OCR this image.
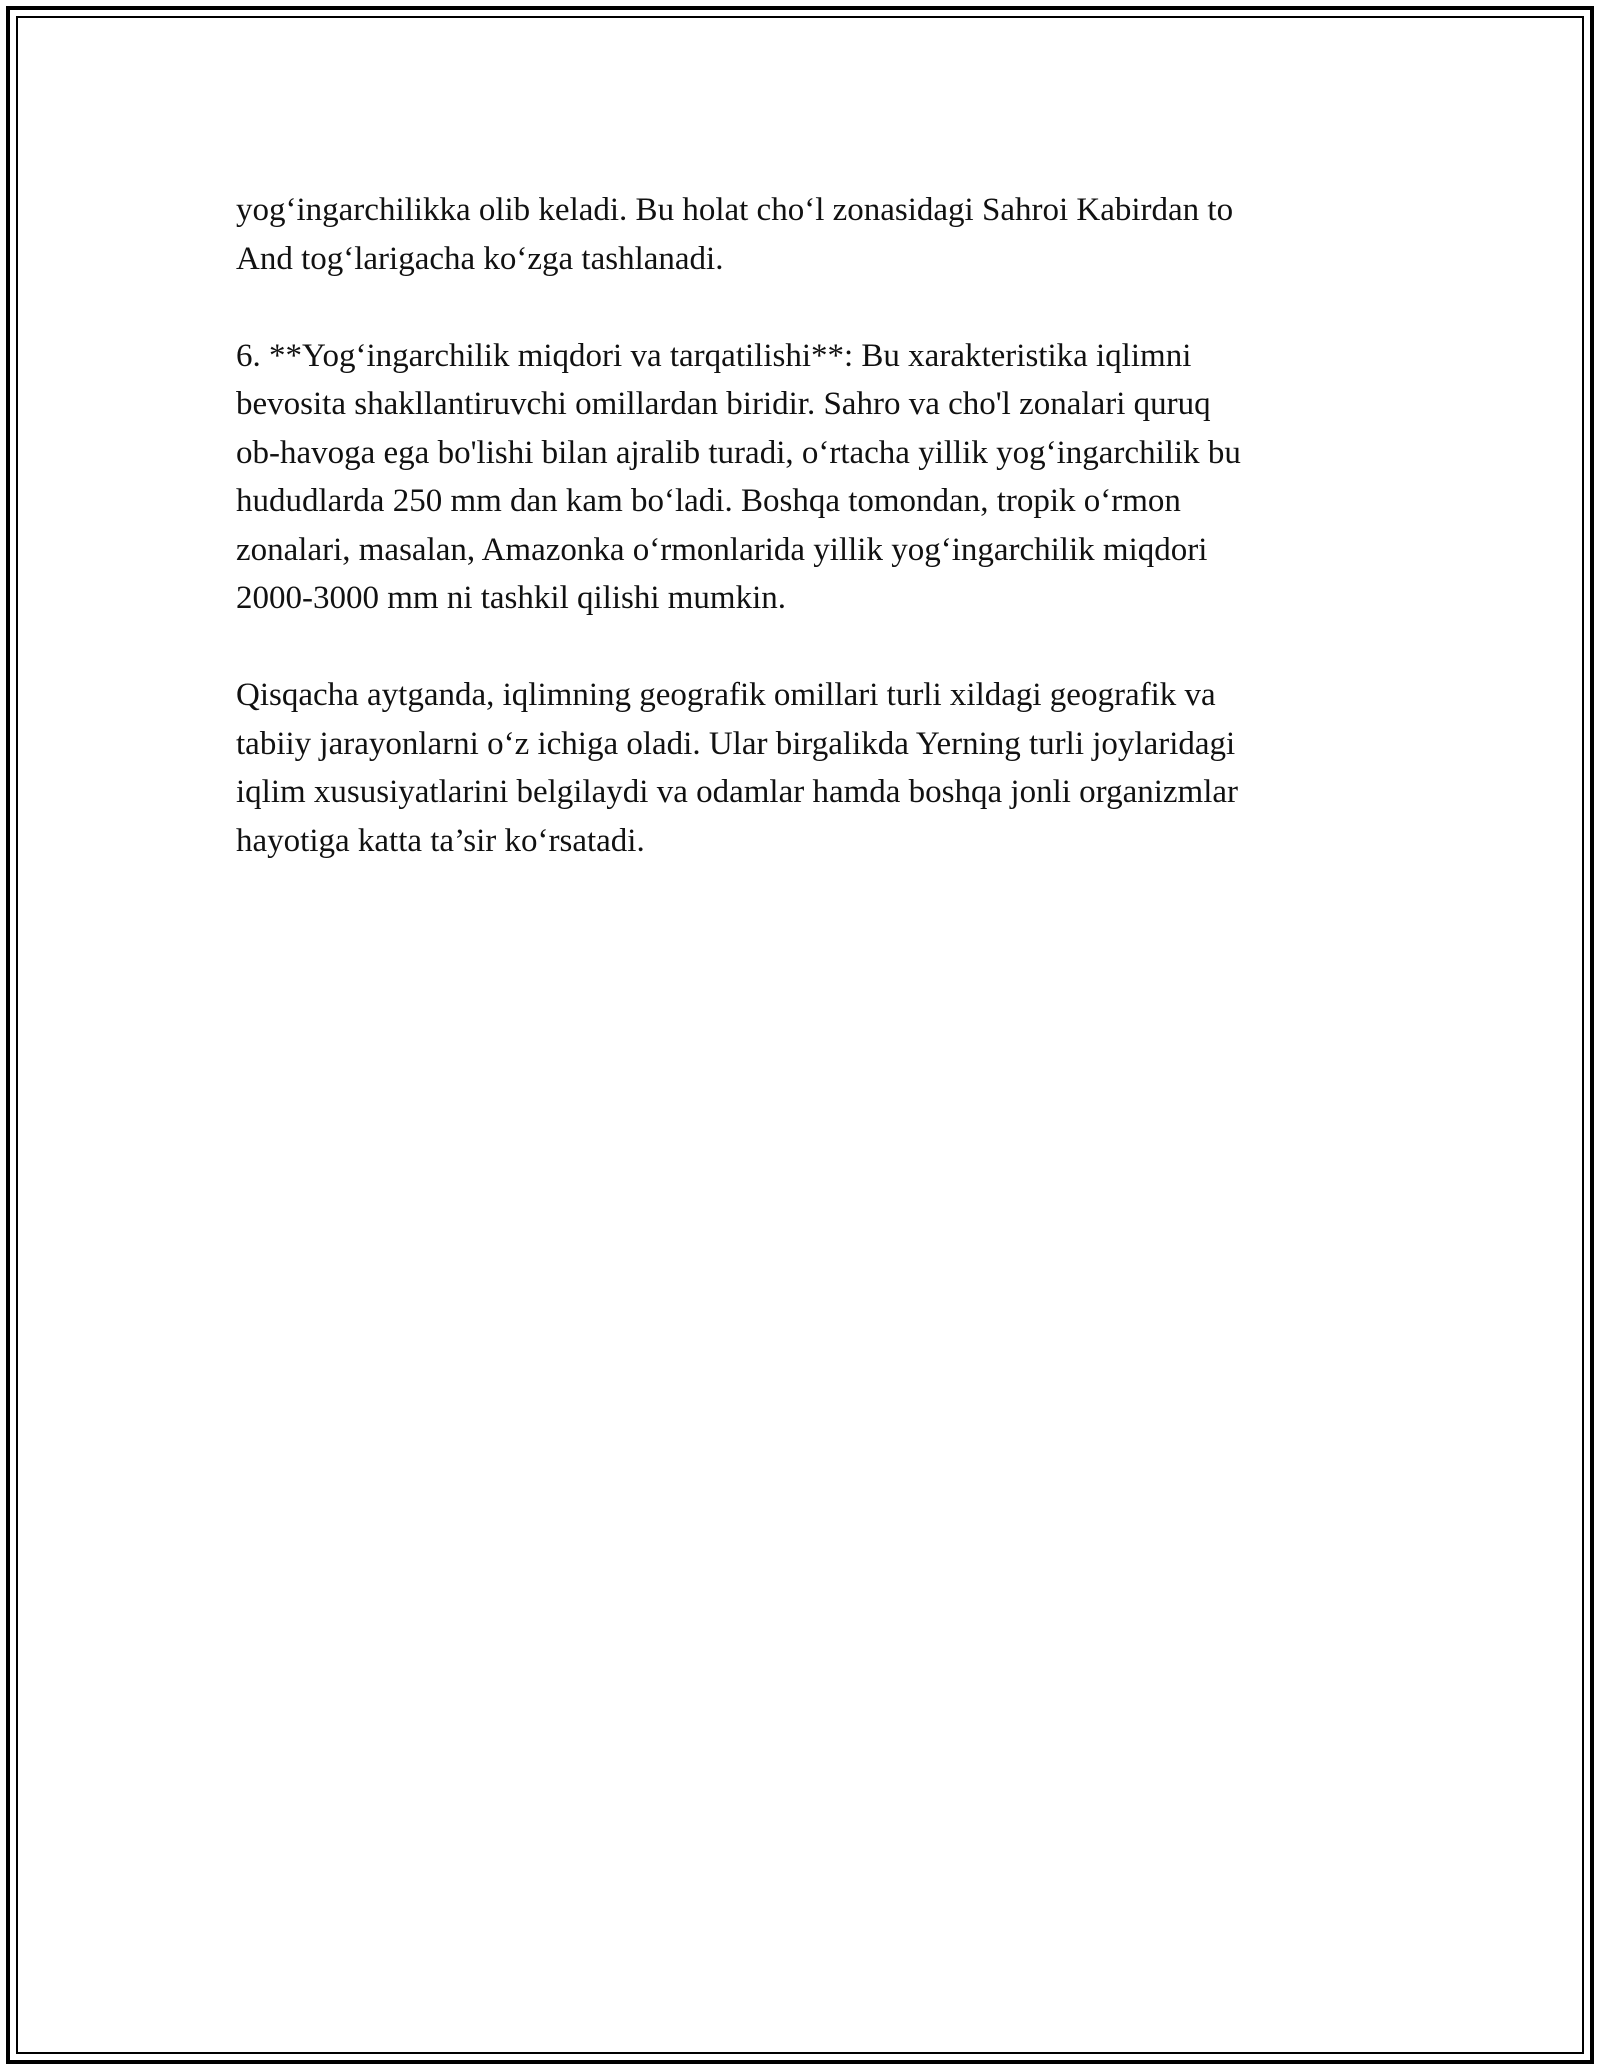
yog‘ingarchilikka olib keladi. Bu holat cho‘l zonasidagi Sahroi Kabirdan to
And tog‘larigacha ko‘zga tashlanadi.

6. **Yog‘ingarchilik miqdori va tarqatilishi**: Bu xarakteristika iqlimni
bevosita shakllantiruvchi omillardan biridir. Sahro va cho'l zonalari quruq
ob-havoga ega bo'lishi bilan ajralib turadi, o‘rtacha yillik yog‘ingarchilik bu
hududlarda 250 mm dan kam bo‘ladi. Boshqa tomondan, tropik o‘rmon
zonalari, masalan, Amazonka o‘rmonlarida yillik yog‘ingarchilik miqdori
2000-3000 mm ni tashkil qilishi mumkin.

Qisqacha aytganda, iqlimning geografik omillari turli xildagi geografik va
tabiiy jarayonlarni o‘z ichiga oladi. Ular birgalikda Yerning turli joylaridagi
iqlim xususiyatlarini belgilaydi va odamlar hamda boshqa jonli organizmlar
hayotiga katta ta’sir ko‘rsatadi.
